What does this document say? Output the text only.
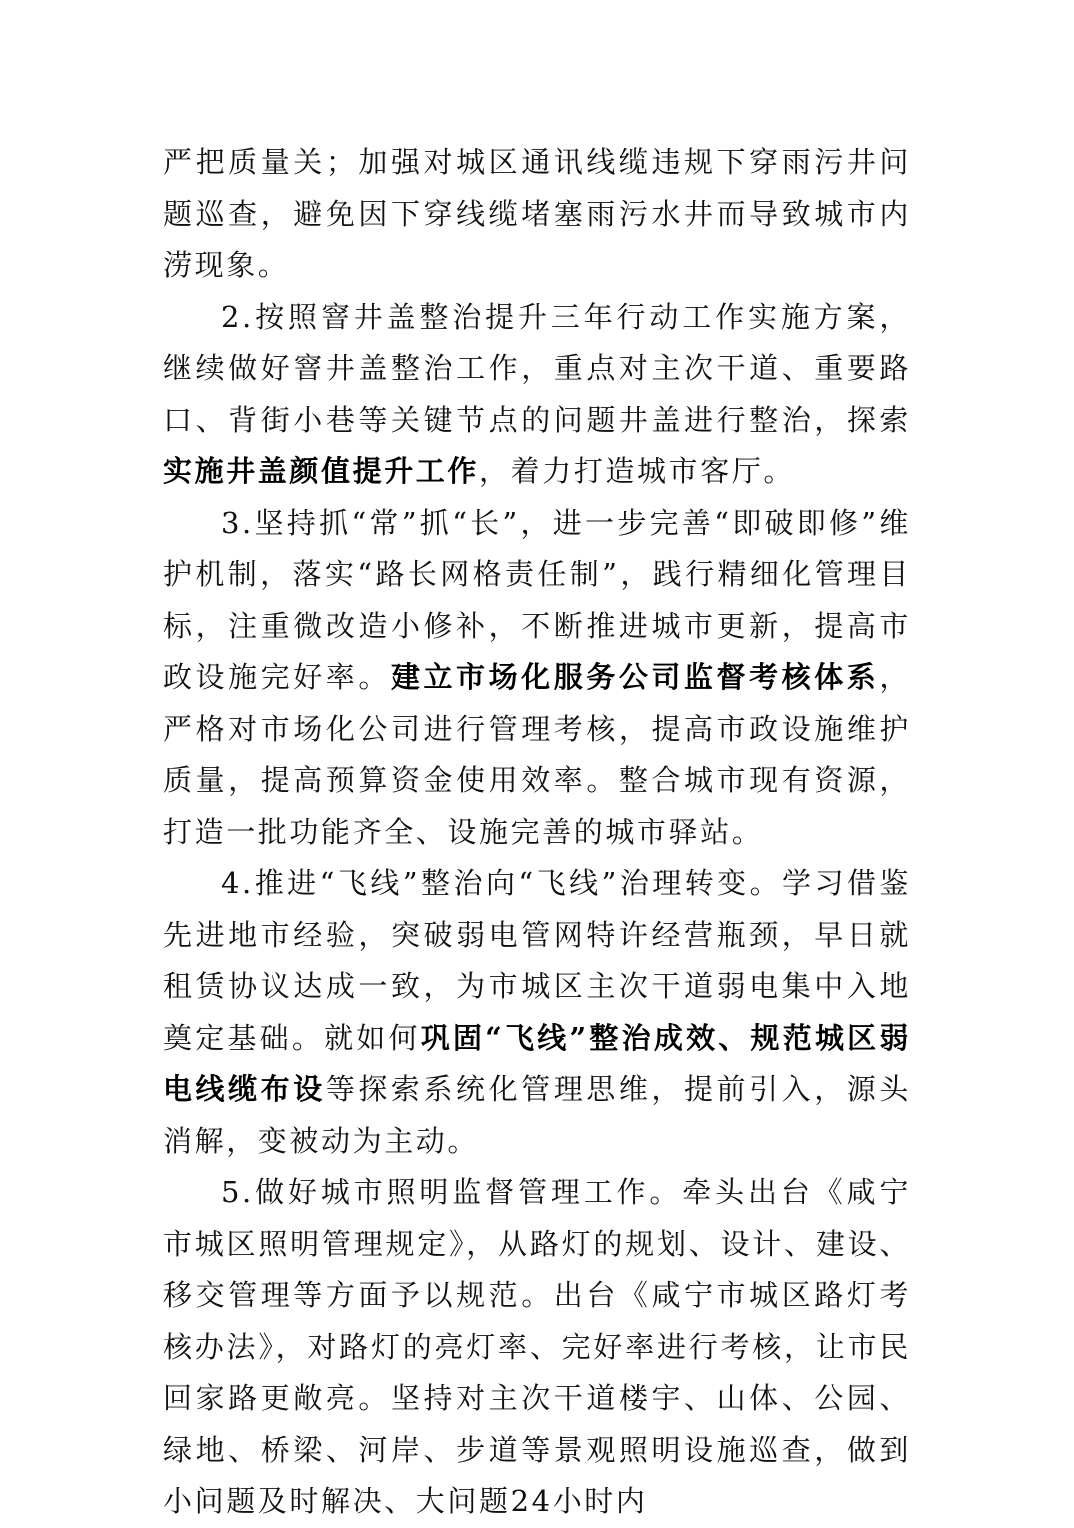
严把质量关；加强对城区通讯线缆违规下穿雨污井问题巡查，避免因下穿线缆堵塞雨污水井而导致城市内涝现象。

2.按照窨井盖整治提升三年行动工作实施方案，继续做好窨井盖整治工作，重点对主次干道、重要路口、背街小巷等关键节点的问题井盖进行整治，探索实施井盖颜值提升工作，着力打造城市客厅。

3.坚持抓“常”抓“长”，进一步完善“即破即修”维护机制，落实“路长网格责任制”，践行精细化管理目标，注重微改造小修补，不断推进城市更新，提高市政设施完好率。建立市场化服务公司监督考核体系，严格对市场化公司进行管理考核，提高市政设施维护质量，提高预算资金使用效率。整合城市现有资源，打造一批功能齐全、设施完善的城市驿站。

4.推进“飞线”整治向“飞线”治理转变。学习借鉴先进地市经验，突破弱电管网特许经营瓶颈，早日就租赁协议达成一致，为市城区主次干道弱电集中入地奠定基础。就如何巩固“飞线”整治成效、规范城区弱电线缆布设等探索系统化管理思维，提前引入，源头消解，变被动为主动。

5.做好城市照明监督管理工作。牵头出台《咸宁市城区照明管理规定》，从路灯的规划、设计、建设、移交管理等方面予以规范。出台《咸宁市城区路灯考核办法》，对路灯的亮灯率、完好率进行考核，让市民回家路更敞亮。坚持对主次干道楼宇、山体、公园、绿地、桥梁、河岸、步道等景观照明设施巡查，做到小问题及时解决、大问题24小时内
